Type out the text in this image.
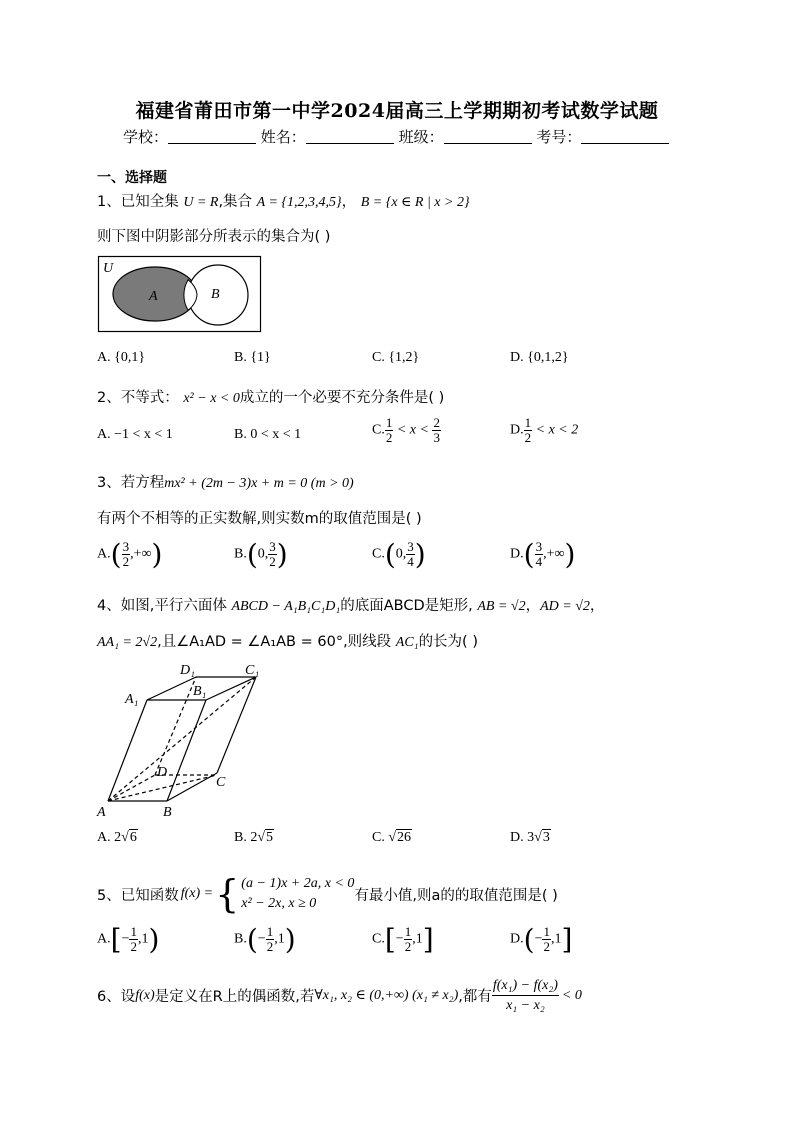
福建省莆田市第一中学2024届高三上学期期初考试数学试题
学校：	姓名：	班级：	考号：
一、选择题
1、已知全集 U = R,集合 A = {1,2,3,4,5}， B = {x ∈ R | x > 2}
则下图中阴影部分所表示的集合为( )
U
A	B
A. {0,1}	B. {1}	C. {1,2}	D. {0,1,2}
2、不等式： x² − x < 0成立的一个必要不充分条件是( )
A. −1 < x < 1	B. 0 < x < 1	C. $\frac{1}{2} < x < \frac{2}{3}$	D. $\frac{1}{2} < x < 2$
3、若方程mx² + (2m − 3)x + m = 0 (m > 0)
有两个不相等的正实数解,则实数m的取值范围是( )
$A.( \frac{3}{2}$ ,+∞)	B.(0, $\frac{3}{2}$ )	C.(0, $\frac{3}{4}$ )	$D.( \frac{3}{4}$ ,+∞)
4、如图,平行六面体 ABCD − A₁B₁C₁D₁的底面ABCD是矩形, AB = √2，AD = √2，
AA₁ = 2√2,且∠A₁AD = ∠A₁AB = 60°,则线段 AC₁的长为( )
D₁	C₁
A₁
B₁
D
C
A	B
A. 2√6	B. 2√5	C. √26	D. 3√3
5、已知函数 f(x) = { (a − 1)x + 2a, x < 0
x² − 2x, x ≥ 0	有最小值,则a的的取值范围是( )
$A.[- \frac{1}{2} ,1)$	$B.(- \frac{1}{2} ,1)$	$C.[- \frac{1}{2} ,1]$	$D.(- \frac{1}{2} ,1]$
6、设 f(x) 是定义在R上的偶函数,若 ∀x₁, x₂ ∈ (0,+∞) (x₁ ≠ x₂) ,都有 $\frac{\text{f(x₁) − f(x₂)}}{\text{x₁ − x₂}} < 0$
